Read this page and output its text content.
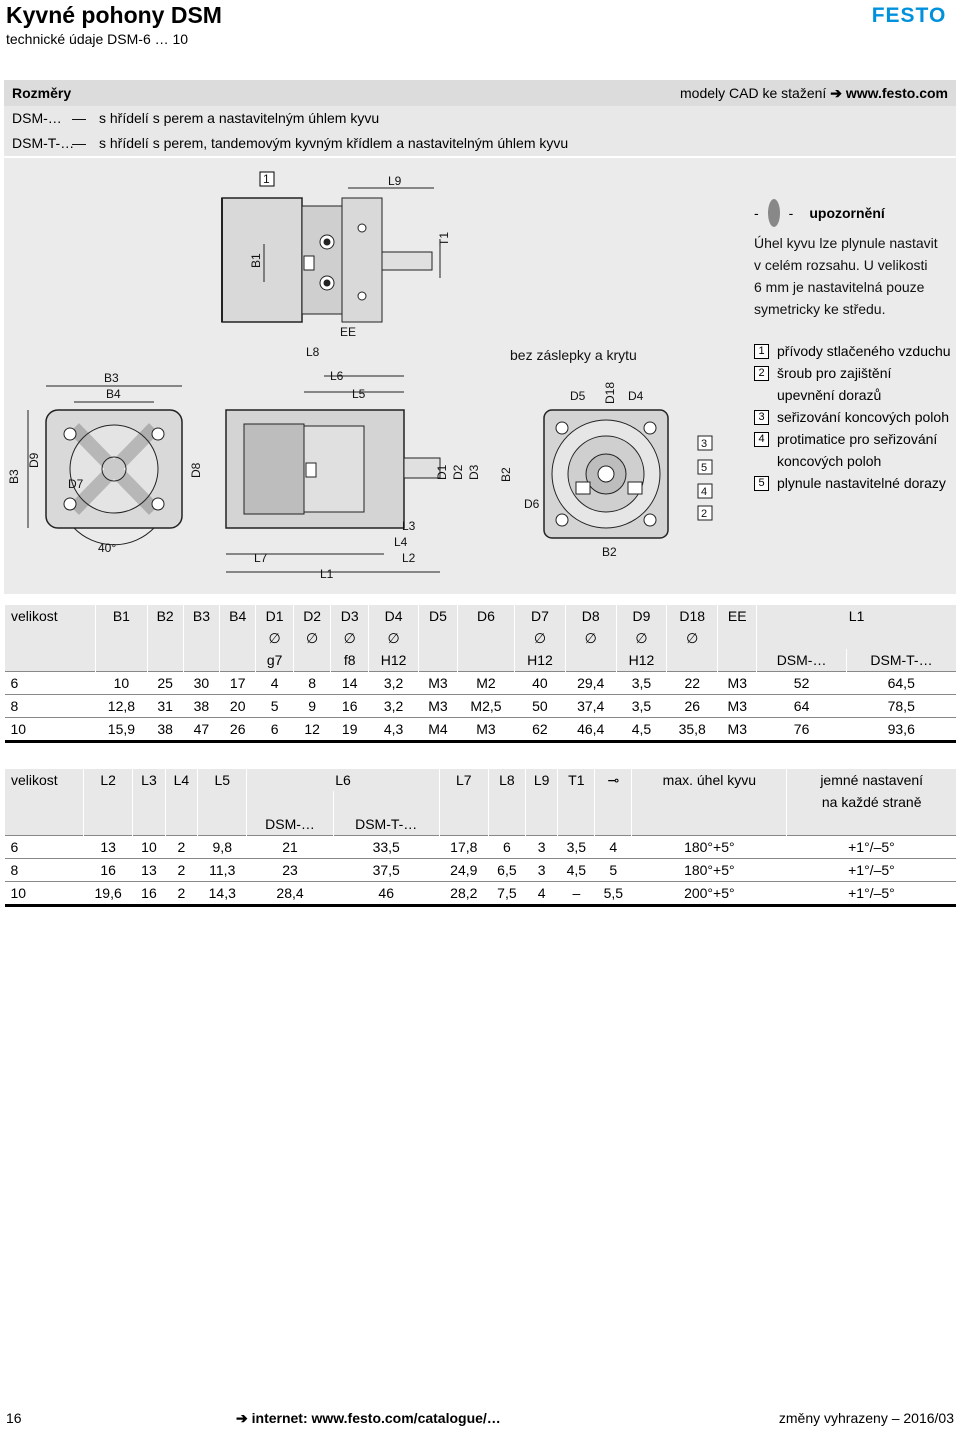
Kyvné pohony DSM
technické údaje DSM-6 … 10
FESTO
Rozměry	modely CAD ke stažení ➔ www.festo.com
DSM-… — s hřídelí s perem a nastavitelným úhlem kyvu
DSM-T-…
— s hřídelí s perem, tandemovým kyvným křídlem a nastavitelným úhlem kyvu
1	L9
T1
B1
EE
L8
L6
L5
B3
B4
B3
D9
D7
D8	D1 D2 D3 B2
L3
L4
L2
L7
L1
D5 D18 D4
D6
B2
3
5
4
2
40°
bez záslepky a krytu
- - upozornění
Úhel kyvu lze plynule nastavit
v celém rozsahu. U velikosti
6 mm je nastavitelná pouze
symetricky ke středu.
1 přívody stlačeného vzduchu
2 šroub pro zajištění
upevnění dorazů
3 seřizování koncových poloh
4 protimatice pro seřizování
koncových poloh
5 plynule nastavitelné dorazy
velikost	B1	B2	B3	B4	D1	D2	D3	D4	D5	D6	D7	D8	D9	D18	EE	L1	
					∅	∅	∅	∅			∅	∅	∅	∅			
					g7		f8	H12			H12		H12			DSM-…	DSM-T-…
6	10	25	30	17	4	8	14	3,2	M3	M2	40	29,4	3,5	22	M3	52	64,5
8	12,8	31	38	20	5	9	16	3,2	M3	M2,5	50	37,4	3,5	26	M3	64	78,5
10	15,9	38	47	26	6	12	19	4,3	M4	M3	62	46,4	4,5	35,8	M3	76	93,6
velikost	L2	L3	L4	L5	L6		L7	L8	L9	T1	⊸	max. úhel kyvu	jemné nastavení
													na každé straně
					DSM-…	DSM-T-…							
6	13	10	2	9,8	21	33,5	17,8	6	3	3,5	4	180°+5°	+1°/–5°
8	16	13	2	11,3	23	37,5	24,9	6,5	3	4,5	5	180°+5°	+1°/–5°
10	19,6	16	2	14,3	28,4	46	28,2	7,5	4	–	5,5	200°+5°	+1°/–5°
16	➔ internet: www.festo.com/catalogue/…	změny vyhrazeny – 2016/03
